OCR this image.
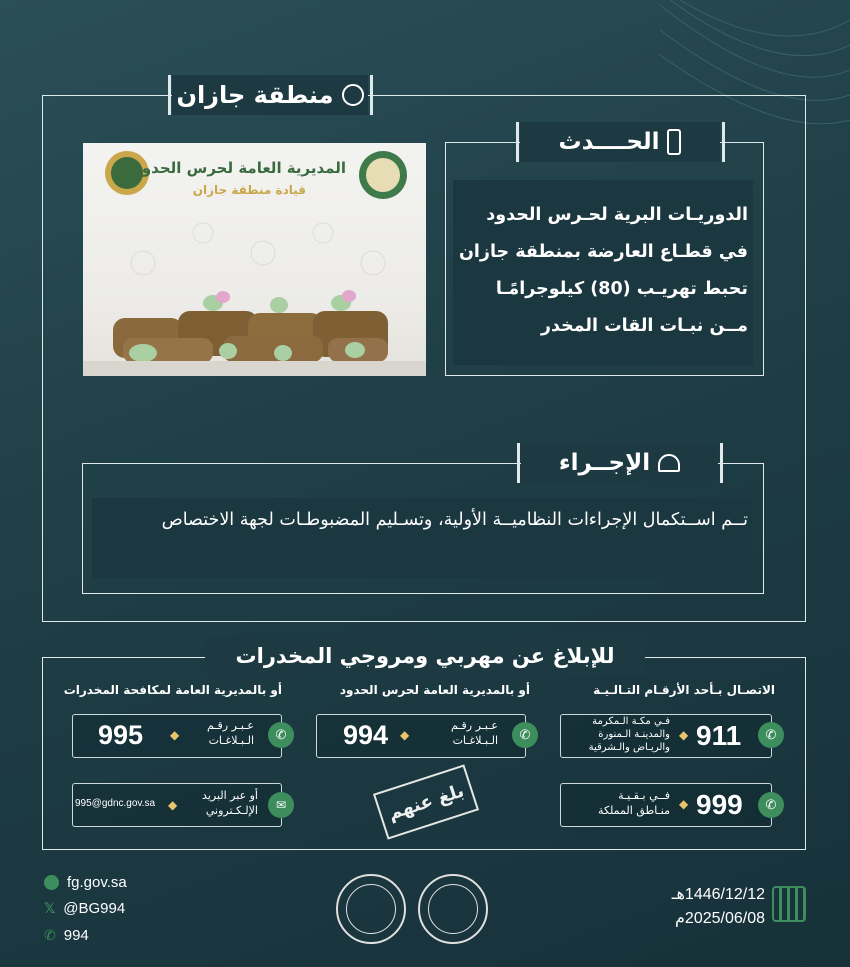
منطقة جازان
المديرية العامة لحرس الحدود
قيادة منطقة جازان
الحــــدث
الدوريـات البرية لحـرس الحدود في قطـاع العارضة بمنطقة جازان تحبط تهريـب (80) كيلوجرامًـا مــن نبـات القات المخدر
الإجــراء
تــم اســتكمال الإجراءات النظاميــة الأولية، وتسـليم المضبوطـات لجهة الاختصاص
للإبلاغ عن مهربي ومروجي المخدرات
الاتصـال بـأحد الأرقـام التـالـيـة
أو بالمديرية العامة لحرس الحدود
أو بالمديرية العامة لمكافحة المخدرات
✆
911
◆
فـي مكـة الـمكرمة
والمدينـة الـمنورة
والريـاض والـشرقية
✆
999
◆
فــي بـقـيـة
منـاطق المملكة
✆
عـبـر رقـم
الـبـلاغـات
◆
994
✆
عـبـر رقـم
الـبـلاغـات
◆
995
✉
أو عبر البريد
الإلـكـتروني
◆
995@gdnc.gov.sa	بلغ عنهم
fg.gov.sa
𝕏 @BG994
✆ 994
1446/12/12هـ
2025/06/08م
